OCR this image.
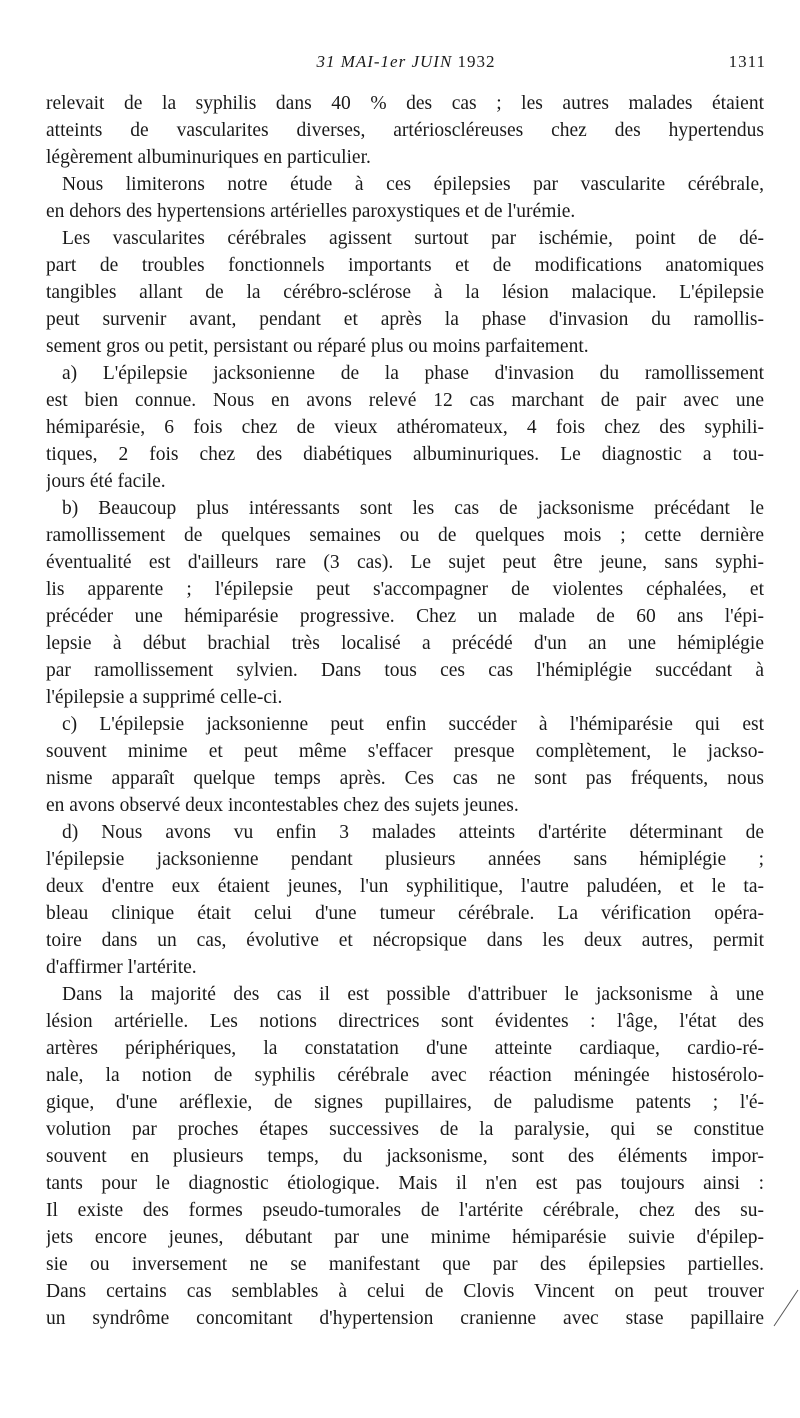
31 MAI-1er JUIN 1932	1311
relevait de la syphilis dans 40 % des cas ; les autres malades étaient
atteints de vascularites diverses, artérioscléreuses chez des hypertendus
légèrement albuminuriques en particulier.
Nous limiterons notre étude à ces épilepsies par vascularite cérébrale,
en dehors des hypertensions artérielles paroxystiques et de l'urémie.
Les vascularites cérébrales agissent surtout par ischémie, point de dé-
part de troubles fonctionnels importants et de modifications anatomiques
tangibles allant de la cérébro-sclérose à la lésion malacique. L'épilepsie
peut survenir avant, pendant et après la phase d'invasion du ramollis-
sement gros ou petit, persistant ou réparé plus ou moins parfaitement.
a) L'épilepsie jacksonienne de la phase d'invasion du ramollissement
est bien connue. Nous en avons relevé 12 cas marchant de pair avec une
hémiparésie, 6 fois chez de vieux athéromateux, 4 fois chez des syphili-
tiques, 2 fois chez des diabétiques albuminuriques. Le diagnostic a tou-
jours été facile.
b) Beaucoup plus intéressants sont les cas de jacksonisme précédant le
ramollissement de quelques semaines ou de quelques mois ; cette dernière
éventualité est d'ailleurs rare (3 cas). Le sujet peut être jeune, sans syphi-
lis apparente ; l'épilepsie peut s'accompagner de violentes céphalées, et
précéder une hémiparésie progressive. Chez un malade de 60 ans l'épi-
lepsie à début brachial très localisé a précédé d'un an une hémiplégie
par ramollissement sylvien. Dans tous ces cas l'hémiplégie succédant à
l'épilepsie a supprimé celle-ci.
c) L'épilepsie jacksonienne peut enfin succéder à l'hémiparésie qui est
souvent minime et peut même s'effacer presque complètement, le jackso-
nisme apparaît quelque temps après. Ces cas ne sont pas fréquents, nous
en avons observé deux incontestables chez des sujets jeunes.
d) Nous avons vu enfin 3 malades atteints d'artérite déterminant de
l'épilepsie jacksonienne pendant plusieurs années sans hémiplégie ;
deux d'entre eux étaient jeunes, l'un syphilitique, l'autre paludéen, et le ta-
bleau clinique était celui d'une tumeur cérébrale. La vérification opéra-
toire dans un cas, évolutive et nécropsique dans les deux autres, permit
d'affirmer l'artérite.
Dans la majorité des cas il est possible d'attribuer le jacksonisme à une
lésion artérielle. Les notions directrices sont évidentes : l'âge, l'état des
artères périphériques, la constatation d'une atteinte cardiaque, cardio-ré-
nale, la notion de syphilis cérébrale avec réaction méningée histosérolo-
gique, d'une aréflexie, de signes pupillaires, de paludisme patents ; l'é-
volution par proches étapes successives de la paralysie, qui se constitue
souvent en plusieurs temps, du jacksonisme, sont des éléments impor-
tants pour le diagnostic étiologique. Mais il n'en est pas toujours ainsi :
Il existe des formes pseudo-tumorales de l'artérite cérébrale, chez des su-
jets encore jeunes, débutant par une minime hémiparésie suivie d'épilep-
sie ou inversement ne se manifestant que par des épilepsies partielles.
Dans certains cas semblables à celui de Clovis Vincent on peut trouver
un syndrôme concomitant d'hypertension cranienne avec stase papillaire
